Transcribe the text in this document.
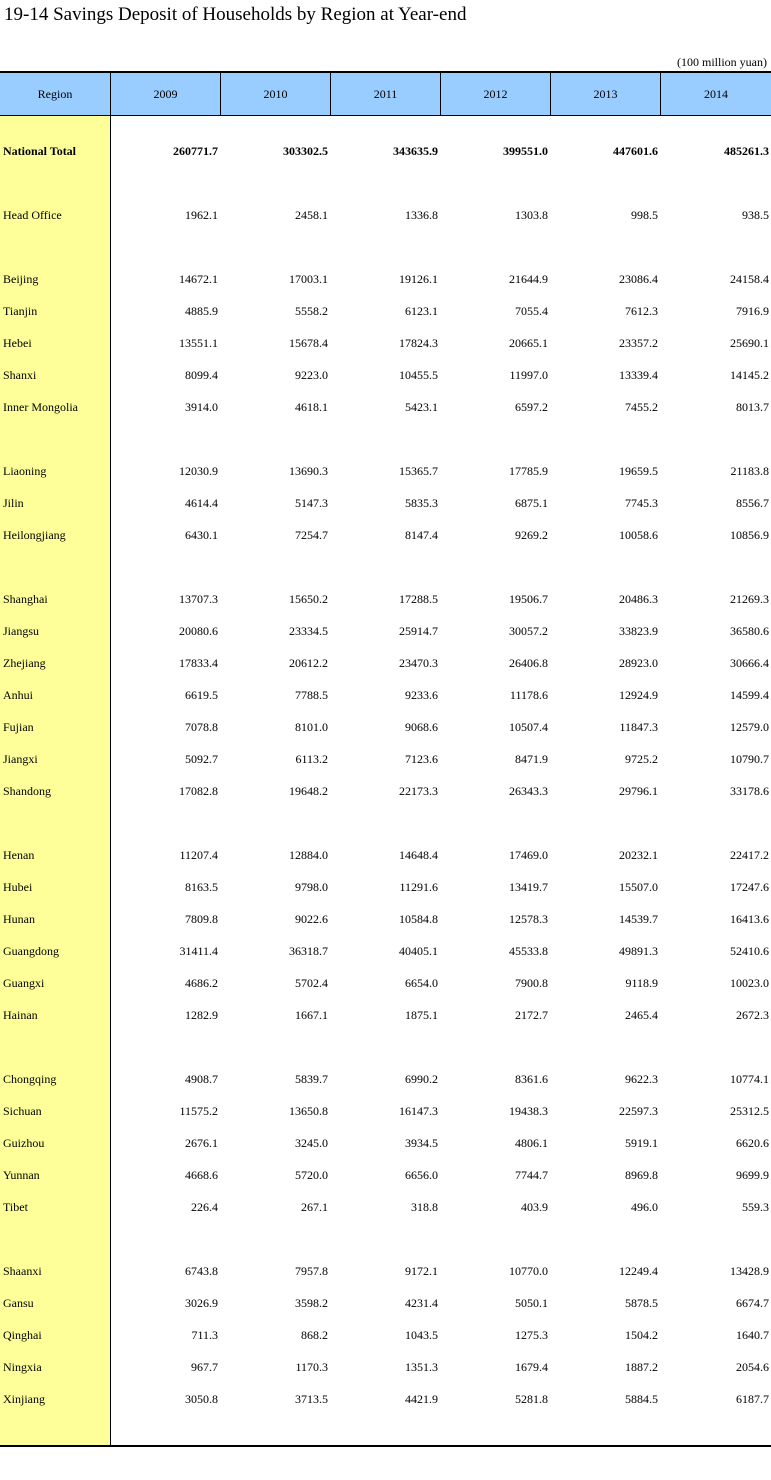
19-14 Savings Deposit of Households by Region at Year-end
(100 million yuan)
Region	2009	2010	2011	2012	2013	2014
National Total	260771.7	303302.5	343635.9	399551.0	447601.6	485261.3
Head Office	1962.1	2458.1	1336.8	1303.8	998.5	938.5
Beijing	14672.1	17003.1	19126.1	21644.9	23086.4	24158.4
Tianjin	4885.9	5558.2	6123.1	7055.4	7612.3	7916.9
Hebei	13551.1	15678.4	17824.3	20665.1	23357.2	25690.1
Shanxi	8099.4	9223.0	10455.5	11997.0	13339.4	14145.2
Inner Mongolia	3914.0	4618.1	5423.1	6597.2	7455.2	8013.7
Liaoning	12030.9	13690.3	15365.7	17785.9	19659.5	21183.8
Jilin	4614.4	5147.3	5835.3	6875.1	7745.3	8556.7
Heilongjiang	6430.1	7254.7	8147.4	9269.2	10058.6	10856.9
Shanghai	13707.3	15650.2	17288.5	19506.7	20486.3	21269.3
Jiangsu	20080.6	23334.5	25914.7	30057.2	33823.9	36580.6
Zhejiang	17833.4	20612.2	23470.3	26406.8	28923.0	30666.4
Anhui	6619.5	7788.5	9233.6	11178.6	12924.9	14599.4
Fujian	7078.8	8101.0	9068.6	10507.4	11847.3	12579.0
Jiangxi	5092.7	6113.2	7123.6	8471.9	9725.2	10790.7
Shandong	17082.8	19648.2	22173.3	26343.3	29796.1	33178.6
Henan	11207.4	12884.0	14648.4	17469.0	20232.1	22417.2
Hubei	8163.5	9798.0	11291.6	13419.7	15507.0	17247.6
Hunan	7809.8	9022.6	10584.8	12578.3	14539.7	16413.6
Guangdong	31411.4	36318.7	40405.1	45533.8	49891.3	52410.6
Guangxi	4686.2	5702.4	6654.0	7900.8	9118.9	10023.0
Hainan	1282.9	1667.1	1875.1	2172.7	2465.4	2672.3
Chongqing	4908.7	5839.7	6990.2	8361.6	9622.3	10774.1
Sichuan	11575.2	13650.8	16147.3	19438.3	22597.3	25312.5
Guizhou	2676.1	3245.0	3934.5	4806.1	5919.1	6620.6
Yunnan	4668.6	5720.0	6656.0	7744.7	8969.8	9699.9
Tibet	226.4	267.1	318.8	403.9	496.0	559.3
Shaanxi	6743.8	7957.8	9172.1	10770.0	12249.4	13428.9
Gansu	3026.9	3598.2	4231.4	5050.1	5878.5	6674.7
Qinghai	711.3	868.2	1043.5	1275.3	1504.2	1640.7
Ningxia	967.7	1170.3	1351.3	1679.4	1887.2	2054.6
Xinjiang	3050.8	3713.5	4421.9	5281.8	5884.5	6187.7
